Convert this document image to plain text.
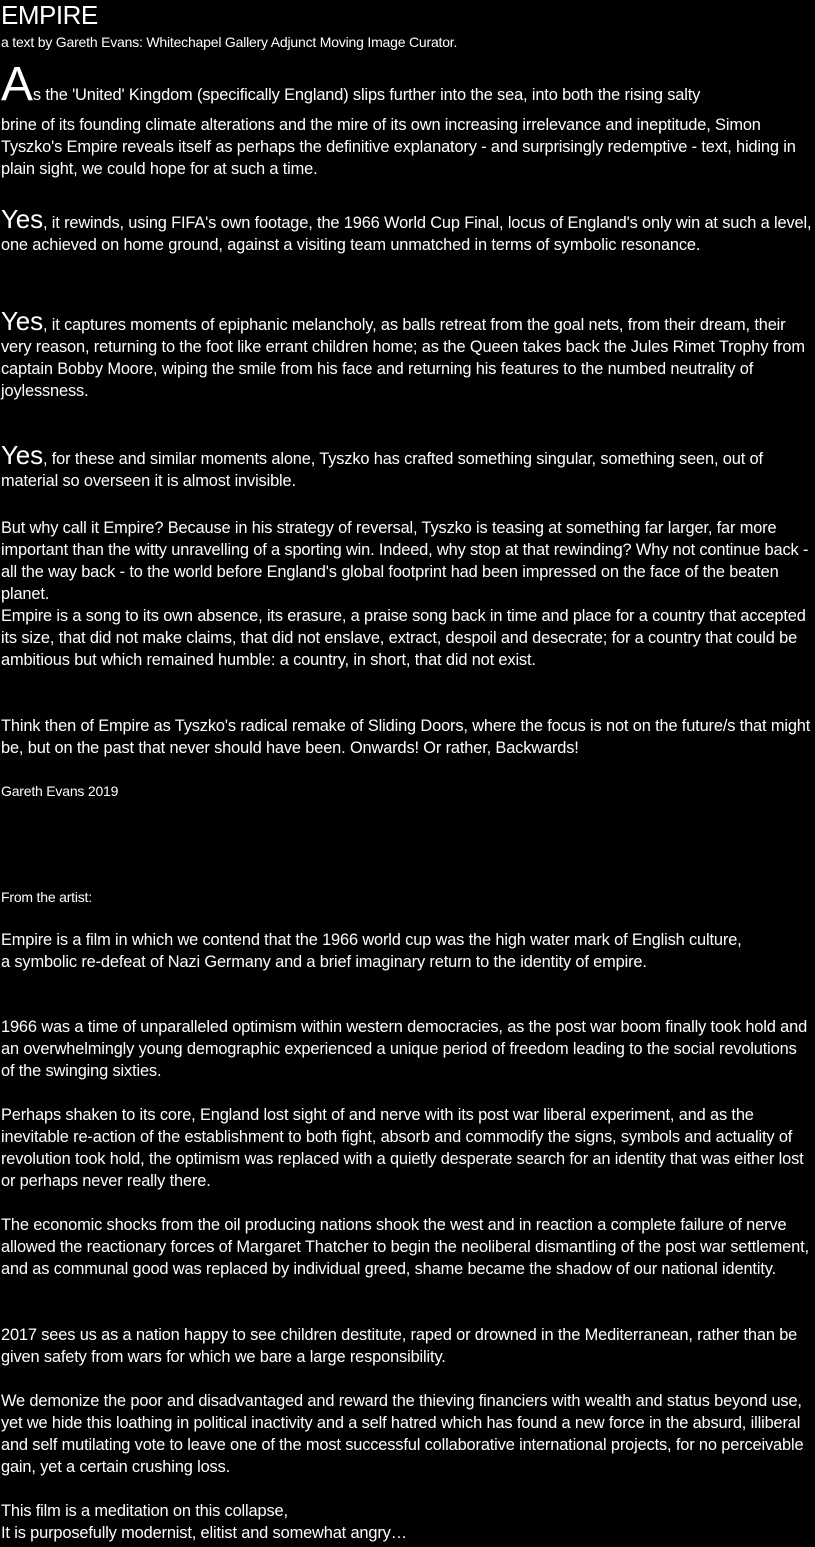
EMPIRE
a text by Gareth Evans: Whitechapel Gallery Adjunct Moving Image Curator.
As the 'United' Kingdom (specifically England) slips further into the sea, into both the rising salty
brine of its founding climate alterations and the mire of its own increasing irrelevance and ineptitude, Simon Tyszko's Empire reveals itself as perhaps the definitive explanatory - and surprisingly redemptive - text, hiding in plain sight, we could hope for at such a time.
Yes, it rewinds, using FIFA's own footage, the 1966 World Cup Final, locus of England's only win at such a level, one achieved on home ground, against a visiting team unmatched in terms of symbolic resonance.
Yes, it captures moments of epiphanic melancholy, as balls retreat from the goal nets, from their dream, their very reason, returning to the foot like errant children home; as the Queen takes back the Jules Rimet Trophy from captain Bobby Moore, wiping the smile from his face and returning his features to the numbed neutrality of joylessness.
Yes, for these and similar moments alone, Tyszko has crafted something singular, something seen, out of material so overseen it is almost invisible.
But why call it Empire? Because in his strategy of reversal, Tyszko is teasing at something far larger, far more important than the witty unravelling of a sporting win. Indeed, why stop at that rewinding? Why not continue back - all the way back - to the world before England's global footprint had been impressed on the face of the beaten planet.
Empire is a song to its own absence, its erasure, a praise song back in time and place for a country that accepted its size, that did not make claims, that did not enslave, extract, despoil and desecrate; for a country that could be ambitious but which remained humble: a country, in short, that did not exist.
Think then of Empire as Tyszko's radical remake of Sliding Doors, where the focus is not on the future/s that might be, but on the past that never should have been. Onwards! Or rather, Backwards!
Gareth Evans 2019
From the artist:
Empire is a film in which we contend that the 1966 world cup was the high water mark of English culture,
a symbolic re-defeat of Nazi Germany and a brief imaginary return to the identity of empire.
1966 was a time of unparalleled optimism within western democracies, as the post war boom finally took hold and an overwhelmingly young demographic experienced a unique period of freedom leading to the social revolutions of the swinging sixties.
Perhaps shaken to its core, England lost sight of and nerve with its post war liberal experiment, and as the inevitable re-action of the establishment to both fight, absorb and commodify the signs, symbols and actuality of revolution took hold, the optimism was replaced with a quietly desperate search for an identity that was either lost or perhaps never really there.
The economic shocks from the oil producing nations shook the west and in reaction a complete failure of nerve allowed the reactionary forces of Margaret Thatcher to begin the neoliberal dismantling of the post war settlement, and as communal good was replaced by individual greed, shame became the shadow of our national identity.
2017 sees us as a nation happy to see children destitute, raped or drowned in the Mediterranean, rather than be given safety from wars for which we bare a large responsibility.
We demonize the poor and disadvantaged and reward the thieving financiers with wealth and status beyond use, yet we hide this loathing in political inactivity and a self hatred which has found a new force in the absurd, illiberal and self mutilating vote to leave one of the most successful collaborative international projects, for no perceivable gain, yet a certain crushing loss.
This film is a meditation on this collapse,
It is purposefully modernist, elitist and somewhat angry…
